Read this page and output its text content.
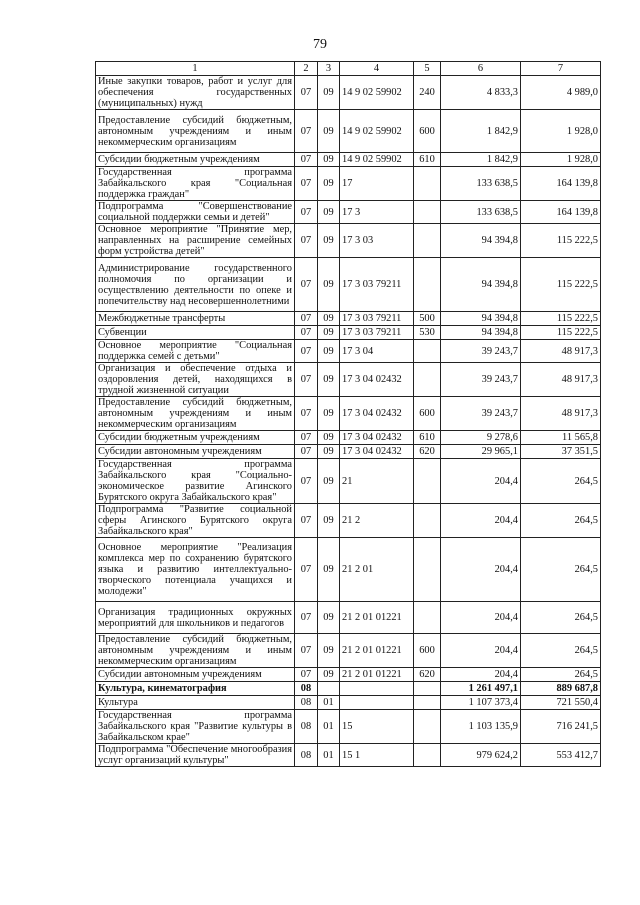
79
1	2	3	4	5	6	7
Иные закупки товаров, работ и услуг для обеспечения государственных (муниципальных) нужд	07	09	14 9 02 59902	240	4 833,3	4 989,0
Предоставление субсидий бюджетным, автономным учреждениям и иным некоммерческим организациям	07	09	14 9 02 59902	600	1 842,9	1 928,0
Субсидии бюджетным учреждениям	07	09	14 9 02 59902	610	1 842,9	1 928,0
Государственная программа Забайкальского края "Социальная поддержка граждан"	07	09	17		133 638,5	164 139,8
Подпрограмма "Совершенствование социальной поддержки семьи и детей"	07	09	17 3		133 638,5	164 139,8
Основное мероприятие "Принятие мер, направленных на расширение семейных форм устройства детей"	07	09	17 3 03		94 394,8	115 222,5
Администрирование государственного полномочия по организации и осуществлению деятельности по опеке и попечительству над несовершеннолетними	07	09	17 3 03 79211		94 394,8	115 222,5
Межбюджетные трансферты	07	09	17 3 03 79211	500	94 394,8	115 222,5
Субвенции	07	09	17 3 03 79211	530	94 394,8	115 222,5
Основное мероприятие "Социальная поддержка семей с детьми"	07	09	17 3 04		39 243,7	48 917,3
Организация и обеспечение отдыха и оздоровления детей, находящихся в трудной жизненной ситуации	07	09	17 3 04 02432		39 243,7	48 917,3
Предоставление субсидий бюджетным, автономным учреждениям и иным некоммерческим организациям	07	09	17 3 04 02432	600	39 243,7	48 917,3
Субсидии бюджетным учреждениям	07	09	17 3 04 02432	610	9 278,6	11 565,8
Субсидии автономным учреждениям	07	09	17 3 04 02432	620	29 965,1	37 351,5
Государственная программа Забайкальского края "Социально-экономическое развитие Агинского Бурятского округа Забайкальского края"	07	09	21		204,4	264,5
Подпрограмма "Развитие социальной сферы Агинского Бурятского округа Забайкальского края"	07	09	21 2		204,4	264,5
Основное мероприятие "Реализация комплекса мер по сохранению бурятского языка и развитию интеллектуально-творческого потенциала учащихся и молодежи"	07	09	21 2 01		204,4	264,5
Организация традиционных окружных мероприятий для школьников и педагогов	07	09	21 2 01 01221		204,4	264,5
Предоставление субсидий бюджетным, автономным учреждениям и иным некоммерческим организациям	07	09	21 2 01 01221	600	204,4	264,5
Субсидии автономным учреждениям	07	09	21 2 01 01221	620	204,4	264,5
Культура, кинематография	08				1 261 497,1	889 687,8
Культура	08	01			1 107 373,4	721 550,4
Государственная программа Забайкальского края "Развитие культуры в Забайкальском крае"	08	01	15		1 103 135,9	716 241,5
Подпрограмма "Обеспечение многообразия услуг организаций культуры"	08	01	15 1		979 624,2	553 412,7
